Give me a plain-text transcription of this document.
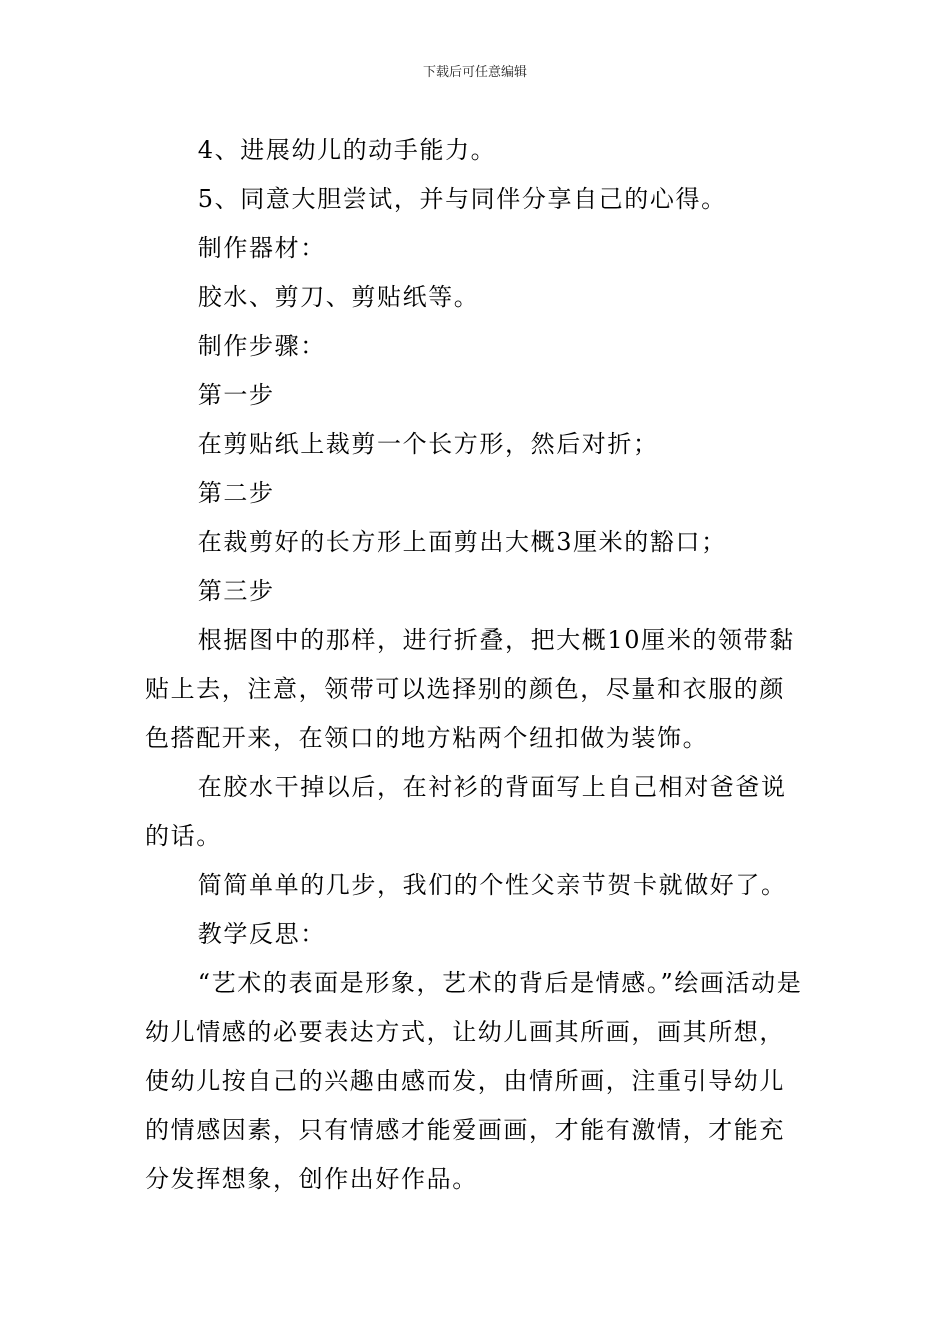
下载后可任意编辑

4、进展幼儿的动手能力。

5、同意大胆尝试，并与同伴分享自己的心得。

制作器材：

胶水、剪刀、剪贴纸等。

制作步骤：

第一步

在剪贴纸上裁剪一个长方形，然后对折；

第二步

在裁剪好的长方形上面剪出大概3厘米的豁口；

第三步

根据图中的那样，进行折叠，把大概10厘米的领带黏贴上去，注意，领带可以选择别的颜色，尽量和衣服的颜色搭配开来，在领口的地方粘两个纽扣做为装饰。

在胶水干掉以后，在衬衫的背面写上自己相对爸爸说的话。

简简单单的几步，我们的个性父亲节贺卡就做好了。

教学反思：

“艺术的表面是形象，艺术的背后是情感。”绘画活动是幼儿情感的必要表达方式，让幼儿画其所画，画其所想，使幼儿按自己的兴趣由感而发，由情所画，注重引导幼儿的情感因素，只有情感才能爱画画，才能有激情，才能充分发挥想象，创作出好作品。
